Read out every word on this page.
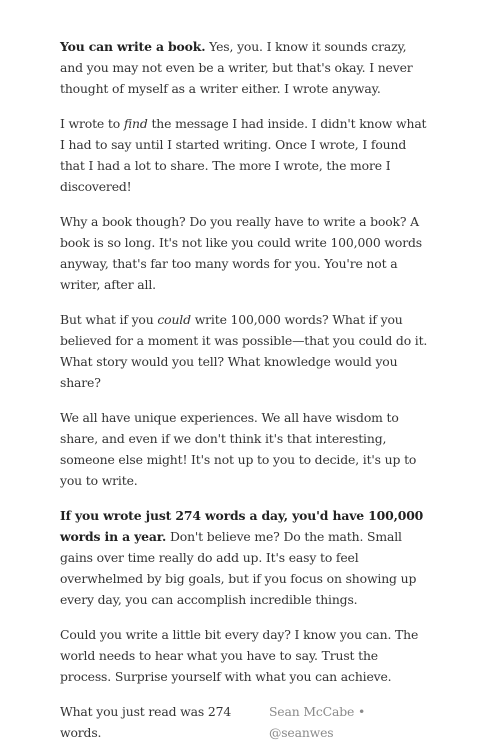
You can write a book. Yes, you. I know it sounds crazy, and you may not even be a writer, but that's okay. I never thought of myself as a writer either. I wrote anyway.

I wrote to find the message I had inside. I didn't know what I had to say until I started writing. Once I wrote, I found that I had a lot to share. The more I wrote, the more I discovered!

Why a book though? Do you really have to write a book? A book is so long. It's not like you could write 100,000 words anyway, that's far too many words for you. You're not a writer, after all.

But what if you could write 100,000 words? What if you believed for a moment it was possible—that you could do it. What story would you tell? What knowledge would you share?

We all have unique experiences. We all have wisdom to share, and even if we don't think it's that interesting, someone else might! It's not up to you to decide, it's up to you to write.

If you wrote just 274 words a day, you'd have 100,000 words in a year. Don't believe me? Do the math. Small gains over time really do add up. It's easy to feel overwhelmed by big goals, but if you focus on showing up every day, you can accomplish incredible things.

Could you write a little bit every day? I know you can. The world needs to hear what you have to say. Trust the process. Surprise yourself with what you can achieve.

What you just read was 274 words.
Sean McCabe • @seanwes
